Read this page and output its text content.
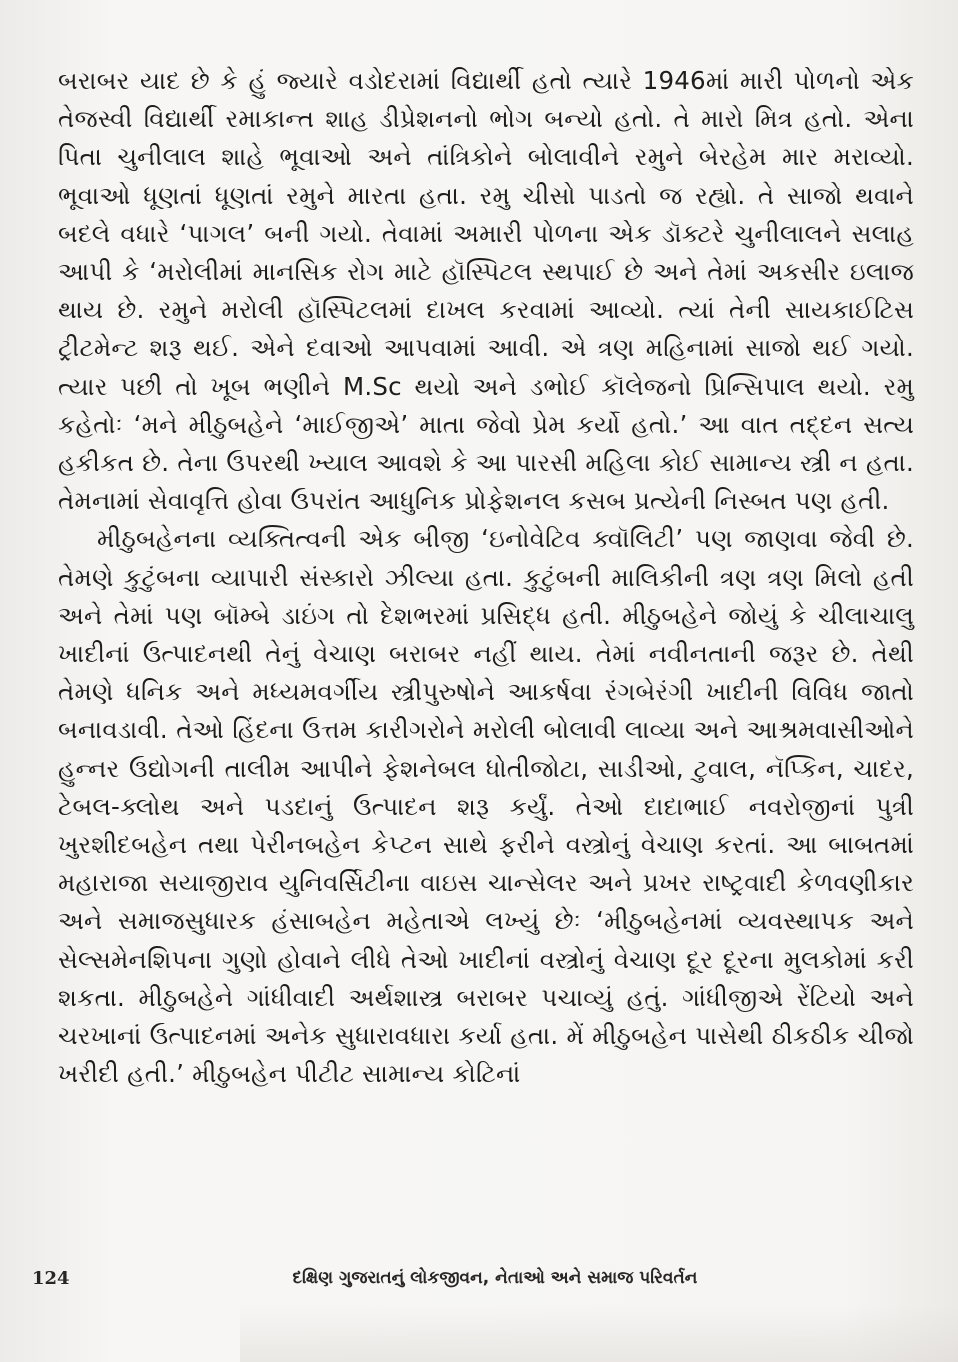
બરાબર યાદ છે કે હું જ્યારે વડોદરામાં વિદ્યાર્થી હતો ત્યારે 1946માં મારી પોળનો એક તેજસ્વી વિદ્યાર્થી રમાકાન્ત શાહ ડીપ્રેશનનો ભોગ બન્યો હતો. તે મારો મિત્ર હતો. એના પિતા ચુનીલાલ શાહે ભૂવાઓ અને તાંત્રિકોને બોલાવીને રમુને બેરહેમ માર મરાવ્યો. ભૂવાઓ ધૂણતાં ધૂણતાં રમુને મારતા હતા. રમુ ચીસો પાડતો જ રહ્યો. તે સાજો થવાને બદલે વધારે ‘પાગલ’ બની ગયો. તેવામાં અમારી પોળના એક ડૉક્ટરે ચુનીલાલને સલાહ આપી કે ‘મરોલીમાં માનસિક રોગ માટે હૉસ્પિટલ સ્થપાઈ છે અને તેમાં અકસીર ઇલાજ થાય છે. રમુને મરોલી હૉસ્પિટલમાં દાખલ કરવામાં આવ્યો. ત્યાં તેની સાયકાઈટિસ ટ્રીટમેન્ટ શરૂ થઈ. એને દવાઓ આપવામાં આવી. એ ત્રણ મહિનામાં સાજો થઈ ગયો. ત્યાર પછી તો ખૂબ ભણીને M.Sc થયો અને ડભોઈ કૉલેજનો પ્રિન્સિપાલ થયો. રમુ કહેતોઃ ‘મને મીઠુબહેને ‘માઈજીએ’ માતા જેવો પ્રેમ કર્યો હતો.’ આ વાત તદ્દન સત્ય હકીકત છે. તેના ઉપરથી ખ્યાલ આવશે કે આ પારસી મહિલા કોઈ સામાન્ય સ્ત્રી ન હતા. તેમનામાં સેવાવૃત્તિ હોવા ઉપરાંત આધુનિક પ્રોફેશનલ કસબ પ્રત્યેની નિસ્બત પણ હતી.

મીઠુબહેનના વ્યક્તિત્વની એક બીજી ‘ઇનોવેટિવ ક્વૉલિટી’ પણ જાણવા જેવી છે. તેમણે કુટુંબના વ્યાપારી સંસ્કારો ઝીલ્યા હતા. કુટુંબની માલિકીની ત્રણ ત્રણ મિલો હતી અને તેમાં પણ બૉમ્બે ડાઇંગ તો દેશભરમાં પ્રસિદ્ધ હતી. મીઠુબહેને જોયું કે ચીલાચાલુ ખાદીનાં ઉત્પાદનથી તેનું વેચાણ બરાબર નહીં થાય. તેમાં નવીનતાની જરૂર છે. તેથી તેમણે ધનિક અને મધ્યમવર્ગીય સ્ત્રીપુરુષોને આકર્ષવા રંગબેરંગી ખાદીની વિવિધ જાતો બનાવડાવી. તેઓ હિંદના ઉત્તમ કારીગરોને મરોલી બોલાવી લાવ્યા અને આશ્રમવાસીઓને હુન્નર ઉદ્યોગની તાલીમ આપીને ફેશનેબલ ધોતીજોટા, સાડીઓ, ટુવાલ, નૅપ્કિન, ચાદર, ટેબલ-ક્લોથ અને પડદાનું ઉત્પાદન શરૂ કર્યું. તેઓ દાદાભાઈ નવરોજીનાં પુત્રી ખુરશીદબહેન તથા પેરીનબહેન કેપ્ટન સાથે ફરીને વસ્ત્રોનું વેચાણ કરતાં. આ બાબતમાં મહારાજા સયાજીરાવ યુનિવર્સિટીના વાઇસ ચાન્સેલર અને પ્રખર રાષ્ટ્રવાદી કેળવણીકાર અને સમાજસુધારક હંસાબહેન મહેતાએ લખ્યું છેઃ ‘મીઠુબહેનમાં વ્યવસ્થાપક અને સેલ્સમેનશિપના ગુણો હોવાને લીધે તેઓ ખાદીનાં વસ્ત્રોનું વેચાણ દૂર દૂરના મુલકોમાં કરી શકતા. મીઠુબહેને ગાંધીવાદી અર્થશાસ્ત્ર બરાબર પચાવ્યું હતું. ગાંધીજીએ રેંટિયો અને ચરખાનાં ઉત્પાદનમાં અનેક સુધારાવધારા કર્યા હતા. મેં મીઠુબહેન પાસેથી ઠીકઠીક ચીજો ખરીદી હતી.’ મીઠુબહેન પીટીટ સામાન્ય કોટિનાં

124	દક્ષિણ ગુજરાતનું લોકજીવન, નેતાઓ અને સમાજ પરિવર્તન
